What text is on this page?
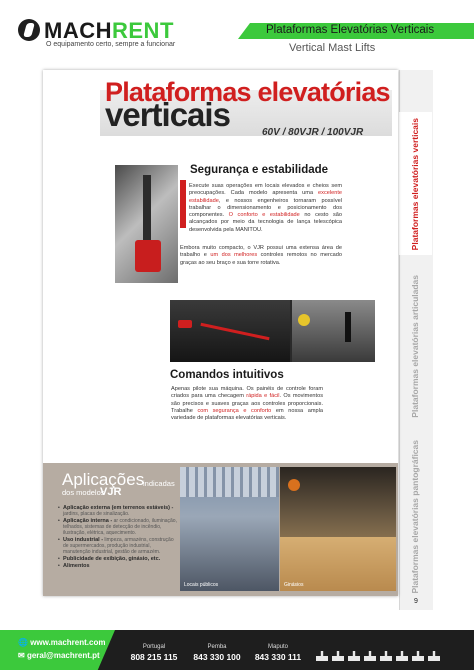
MACHRENT
O equipamento certo, sempre a funcionar
Plataformas Elevatórias Verticais
Vertical Mast Lifts
Plataformas elevatórias verticais
Plataformas elevatórias articuladas
Plataformas elevatórias pantográficas
9
Plataformas elevatórias
verticais	60V / 80VJR / 100VJR
Segurança e estabilidade
Execute suas operações em locais elevados e cheios sem preocupações. Cada modelo apresenta uma excelente estabilidade, e nossos engenheiros tornaram possível trabalhar o dimensionamento e posicionamento dos componentes. O conforto e estabilidade no cesto são alcançados por meio da tecnologia de lança telescópica desenvolvida pela MANITOU.
Embora muito compacto, o VJR possui uma extensa área de trabalho e um dos melhores controles remotos no mercado graças ao seu braço e sua torre rotativa.
Comandos intuitivos
Apenas pilote sua máquina. Os painéis de controle foram criados para uma checagem rápida e fácil. Os movimentos são precisos e suaves graças aos controles proporcionais. Trabalhe com segurança e conforto em nossa ampla variedade de plataformas elevatórias verticais.
Aplicações
indicadas
dos modelos
VJR
• Aplicação externa (em terrenos estáveis) - jardins, placas de sinalização.
• Aplicação interna - ar condicionado, iluminação, telhados, sistemas de detecção de incêndio, ilustração, elétrica, aquecimento.
• Uso industrial - limpeza, armazéns, construção de supermercados, produção industrial, manutenção industrial, gestão de armazém.
• Publicidade de exibição, ginásio, etc.
• Alimentos
Locais públicos	Ginásios
🌐 www.machrent.com
✉ geral@machrent.pt
Portugal
808 215 115
Pemba
843 330 100
Maputo
843 330 111
